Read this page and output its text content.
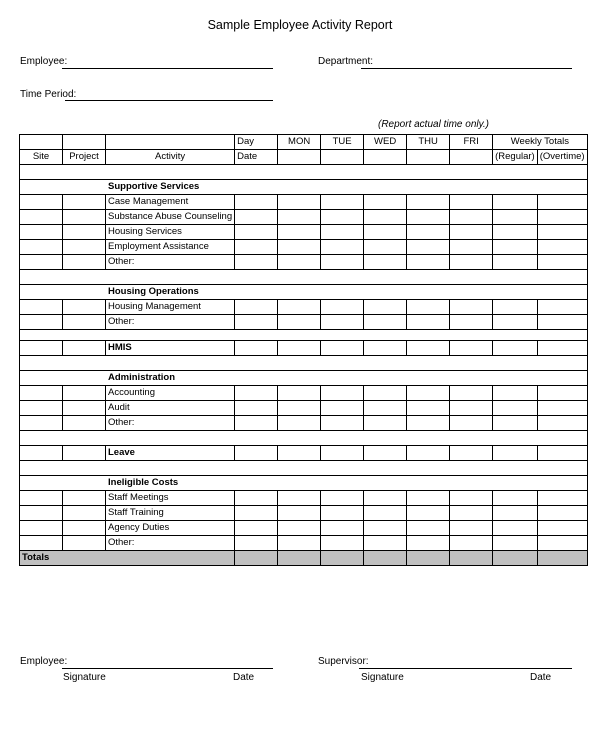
Sample Employee Activity Report
Employee:	Department:
Time Period:
(Report actual time only.)
			Day	MON	TUE	WED	THU	FRI	Weekly Totals	
Site	Project	Activity	Date						(Regular)	(Overtime)

		Supportive Services								
		Case Management								
		Substance Abuse Counseling								
		Housing Services								
		Employment Assistance								
		Other:								

		Housing Operations								
		Housing Management								
		Other:								

		HMIS								

		Administration								
		Accounting								
		Audit								
		Other:								

		Leave								

		Ineligible Costs								
		Staff Meetings								
		Staff Training								
		Agency Duties								
		Other:								
Totals										
Employee:
Signature	Date
Supervisor:
Signature	Date
